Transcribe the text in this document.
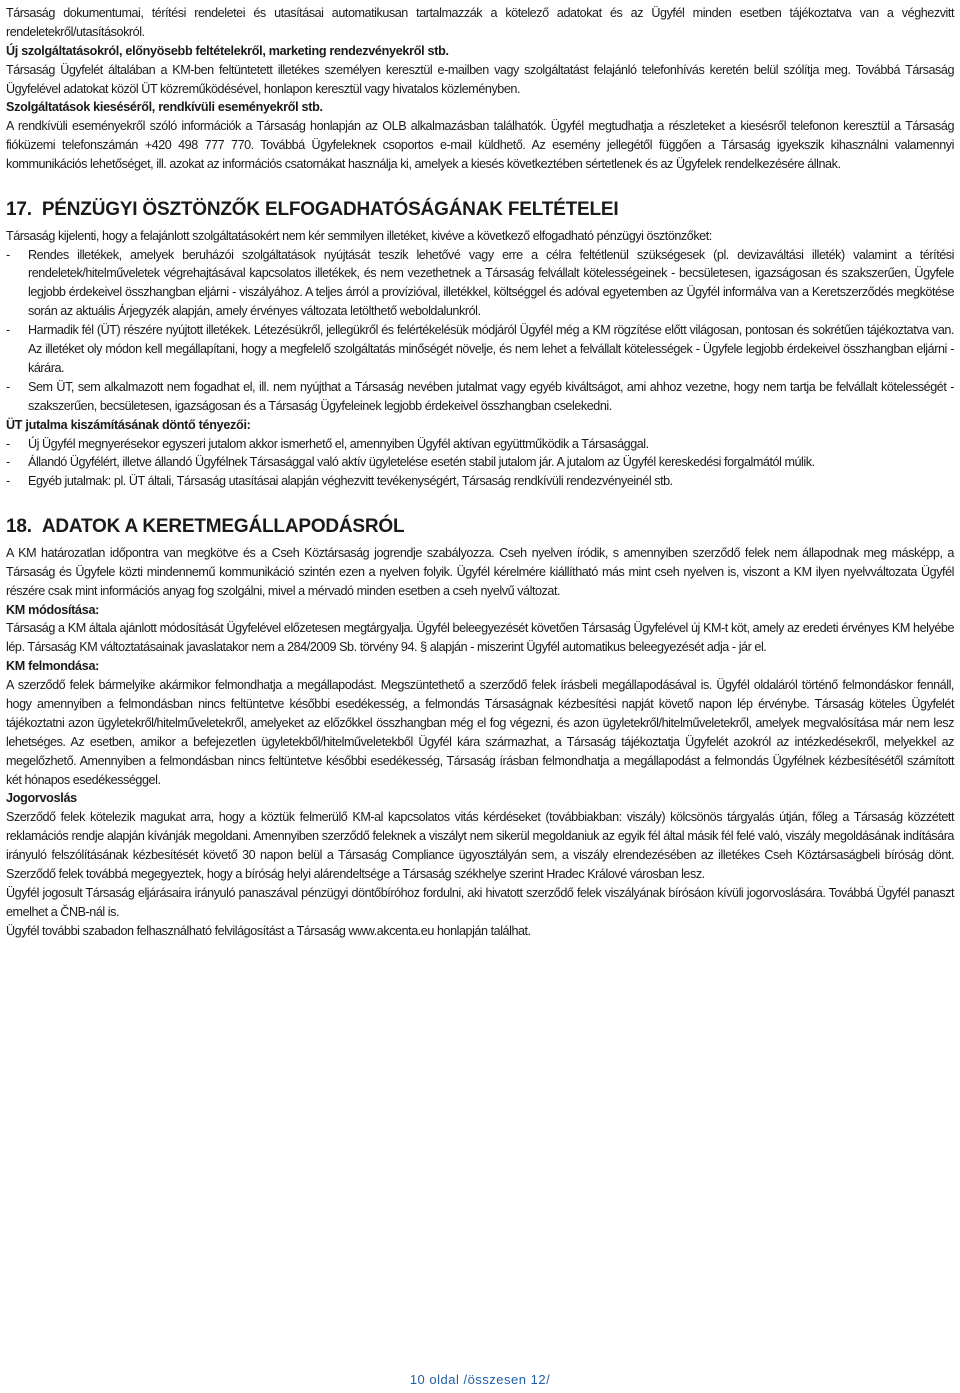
Társaság dokumentumai, térítési rendeletei és utasításai automatikusan tartalmazzák a kötelező adatokat és az Ügyfél minden esetben tájékoztatva van a véghezvitt rendeletekről/utasításokról.

Új szolgáltatásokról, előnyösebb feltételekről, marketing rendezvényekről stb.

Társaság Ügyfelét általában a KM-ben feltüntetett illetékes személyen keresztül e-mailben vagy szolgáltatást felajánló telefonhívás keretén belül szólítja meg. Továbbá Társaság Ügyfelével adatokat közöl ÜT közreműködésével, honlapon keresztül vagy hivatalos közleményben.

Szolgáltatások kieséséről, rendkívüli eseményekről stb.

A rendkívüli eseményekről szóló információk a Társaság honlapján az OLB alkalmazásban találhatók. Ügyfél megtudhatja a részleteket a kiesésről telefonon keresztül a Társaság fióküzemi telefonszámán +420 498 777 770. Továbbá Ügyfeleknek csoportos e-mail küldhető. Az esemény jellegétől függően a Társaság igyekszik kihasználni valamennyi kommunikációs lehetőséget, ill. azokat az információs csatornákat használja ki, amelyek a kiesés következtében sértetlenek és az Ügyfelek rendelkezésére állnak.

17. PÉNZÜGYI ÖSZTÖNZŐK ELFOGADHATÓSÁGÁNAK FELTÉTELEI

Társaság kijelenti, hogy a felajánlott szolgáltatásokért nem kér semmilyen illetéket, kivéve a következő elfogadható pénzügyi ösztönzőket:

-	Rendes illetékek, amelyek beruházói szolgáltatások nyújtását teszik lehetővé vagy erre a célra feltétlenül szükségesek (pl. devizaváltási illeték) valamint a térítési rendeletek/hitelműveletek végrehajtásával kapcsolatos illetékek, és nem vezethetnek a Társaság felvállalt kötelességeinek - becsületesen, igazságosan és szakszerűen, Ügyfele legjobb érdekeivel összhangban eljárni - viszályához. A teljes árról a provízióval, illetékkel, költséggel és adóval egyetemben az Ügyfél informálva van a Keretszerződés megkötése során az aktuális Árjegyzék alapján, amely érvényes változata letölthető weboldalunkról.
-	Harmadik fél (ÜT) részére nyújtott illetékek. Létezésükről, jellegükről és felértékelésük módjáról Ügyfél még a KM rögzítése előtt világosan, pontosan és sokrétűen tájékoztatva van. Az illetéket oly módon kell megállapítani, hogy a megfelelő szolgáltatás minőségét növelje, és nem lehet a felvállalt kötelességek - Ügyfele legjobb érdekeivel összhangban eljárni - kárára.
-	Sem ÜT, sem alkalmazott nem fogadhat el, ill. nem nyújthat a Társaság nevében jutalmat vagy egyéb kiváltságot, ami ahhoz vezetne, hogy nem tartja be felvállalt kötelességét - szakszerűen, becsületesen, igazságosan és a Társaság Ügyfeleinek legjobb érdekeivel összhangban cselekedni.

ÜT jutalma kiszámításának döntő tényezői:

-	Új Ügyfél megnyerésekor egyszeri jutalom akkor ismerhető el, amennyiben Ügyfél aktívan együttműködik a Társasággal.
-	Állandó Ügyfélért, illetve állandó Ügyfélnek Társasággal való aktív ügyletelése esetén stabil jutalom jár. A jutalom az Ügyfél kereskedési forgalmától múlik.
-	Egyéb jutalmak: pl. ÜT általi, Társaság utasításai alapján véghezvitt tevékenységért, Társaság rendkívüli rendezvényeinél stb.
18. ADATOK A KERETMEGÁLLAPODÁSRÓL

A KM határozatlan időpontra van megkötve és a Cseh Köztársaság jogrendje szabályozza. Cseh nyelven íródik, s amennyiben szerződő felek nem állapodnak meg másképp, a Társaság és Ügyfele közti mindennemű kommunikáció szintén ezen a nyelven folyik. Ügyfél kérelmére kiállítható más mint cseh nyelven is, viszont a KM ilyen nyelvváltozata Ügyfél részére csak mint információs anyag fog szolgálni, mivel a mérvadó minden esetben a cseh nyelvű változat.

KM módosítása:

Társaság a KM általa ajánlott módosítását Ügyfelével előzetesen megtárgyalja. Ügyfél beleegyezését követően Társaság Ügyfelével új KM-t köt, amely az eredeti érvényes KM helyébe lép. Társaság KM változtatásainak javaslatakor nem a 284/2009 Sb. törvény 94. § alapján - miszerint Ügyfél automatikus beleegyezését adja - jár el.

KM felmondása:

A szerződő felek bármelyike akármikor felmondhatja a megállapodást. Megszüntethető a szerződő felek írásbeli megállapodásával is. Ügyfél oldaláról történő felmondáskor fennáll, hogy amennyiben a felmondásban nincs feltüntetve későbbi esedékesség, a felmondás Társaságnak kézbesítési napját követő napon lép érvénybe. Társaság köteles Ügyfelét tájékoztatni azon ügyletekről/hitelműveletekről, amelyeket az előzőkkel összhangban még el fog végezni, és azon ügyletekről/hitelműveletekről, amelyek megvalósítása már nem lesz lehetséges. Az esetben, amikor a befejezetlen ügyletekből/hitelműveletekből Ügyfél kára származhat, a Társaság tájékoztatja Ügyfelét azokról az intézkedésekről, melyekkel az megelőzhető. Amennyiben a felmondásban nincs feltüntetve későbbi esedékesség, Társaság írásban felmondhatja a megállapodást a felmondás Ügyfélnek kézbesítésétől számított két hónapos esedékességgel.

Jogorvoslás

Szerződő felek kötelezik magukat arra, hogy a köztük felmerülő KM-al kapcsolatos vitás kérdéseket (továbbiakban: viszály) kölcsönös tárgyalás útján, főleg a Társaság közzétett reklamációs rendje alapján kívánják megoldani. Amennyiben szerződő feleknek a viszályt nem sikerül megoldaniuk az egyik fél által másik fél felé való, viszály megoldásának indítására irányuló felszólításának kézbesítését követő 30 napon belül a Társaság Compliance ügyosztályán sem, a viszály elrendezésében az illetékes Cseh Köztársaságbeli bíróság dönt. Szerződő felek továbbá megegyeztek, hogy a bíróság helyi alárendeltsége a Társaság székhelye szerint Hradec Králové városban lesz.

Ügyfél jogosult Társaság eljárásaira irányuló panaszával pénzügyi döntőbíróhoz fordulni, aki hivatott szerződő felek viszályának bírósáon kívüli jogorvoslására. Továbbá Ügyfél panaszt emelhet a ČNB-nál is.

Ügyfél további szabadon felhasználható felvilágosítást a Társaság www.akcenta.eu honlapján találhat.

10 oldal /összesen 12/
